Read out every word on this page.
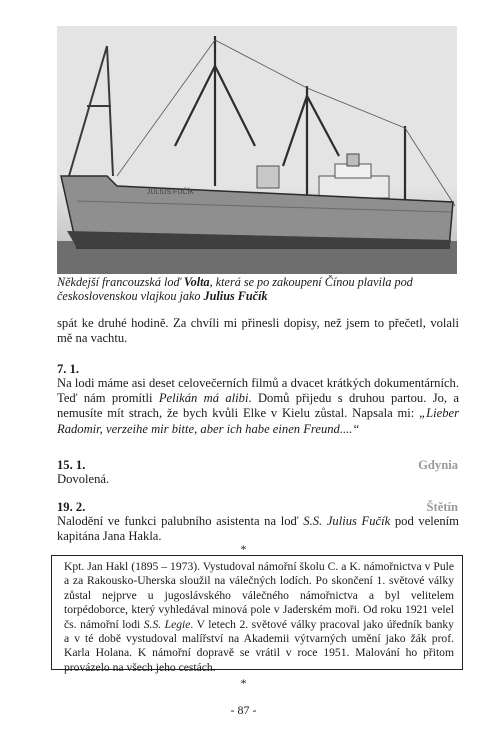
JULIUS FUČÍK
Někdejší francouzská loď Volta, která se po zakoupení Čínou plavila pod československou vlajkou jako Julius Fučík
spát ke druhé hodině. Za chvíli mi přinesli dopisy, než jsem to přečetl, volali mě na vachtu.
7. 1.
Na lodi máme asi deset celovečerních filmů a dvacet krátkých dokumentárních. Teď nám promítli Pelikán má alibi. Domů přijedu s druhou partou. Jo, a nemusíte mít strach, že bych kvůli Elke v Kielu zůstal. Napsala mi: „Lieber Radomir, verzeihe mir bitte, aber ich habe einen Freund....“
15. 1.	Gdynia
Dovolená.
19. 2.	Štětín
Nalodění ve funkci palubního asistenta na loď S.S. Julius Fučík pod velením kapitána Jana Hakla.
*
Kpt. Jan Hakl (1895 – 1973). Vystudoval námořní školu C. a K. námořnictva v Pule a za Rakousko-Uherska sloužil na válečných lodích. Po skončení 1. světové války zůstal nejprve u jugoslávského válečného námořnictva a byl velitelem torpédoborce, který vyhledával minová pole v Jaderském moři. Od roku 1921 velel čs. námořní lodi S.S. Legie. V letech 2. světové války pracoval jako úředník banky a v té době vystudoval malířství na Akademii výtvarných umění jako žák prof. Karla Holana. K námořní dopravě se vrátil v roce 1951. Malování ho přitom provázelo na všech jeho cestách.
*
- 87 -
